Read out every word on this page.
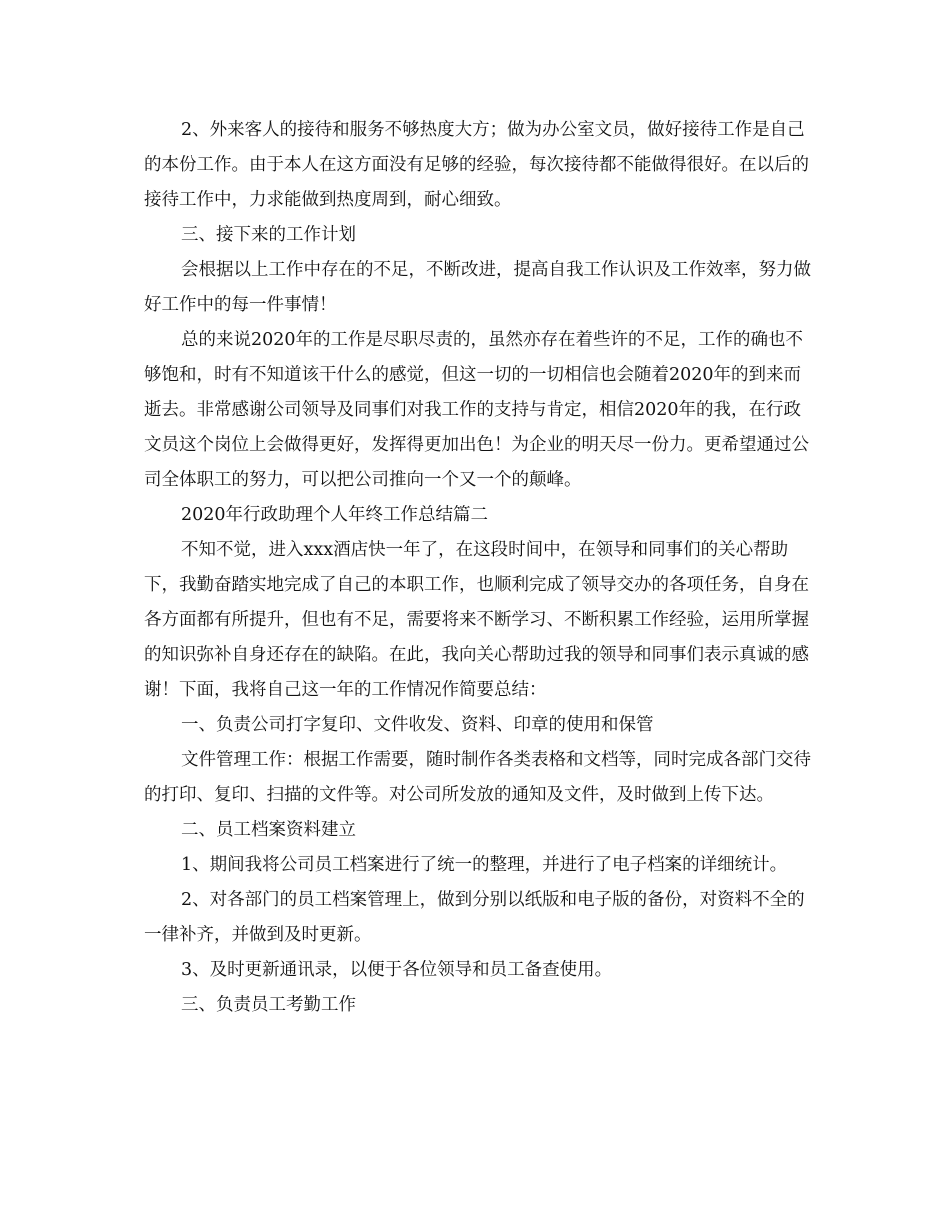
2、外来客人的接待和服务不够热度大方；做为办公室文员，做好接待工作是自己的本份工作。由于本人在这方面没有足够的经验，每次接待都不能做得很好。在以后的接待工作中，力求能做到热度周到，耐心细致。

三、接下来的工作计划

会根据以上工作中存在的不足，不断改进，提高自我工作认识及工作效率，努力做好工作中的每一件事情！

总的来说2020年的工作是尽职尽责的，虽然亦存在着些许的不足，工作的确也不够饱和，时有不知道该干什么的感觉，但这一切的一切相信也会随着2020年的到来而逝去。非常感谢公司领导及同事们对我工作的支持与肯定，相信2020年的我，在行政文员这个岗位上会做得更好，发挥得更加出色！为企业的明天尽一份力。更希望通过公司全体职工的努力，可以把公司推向一个又一个的颠峰。

2020年行政助理个人年终工作总结篇二

不知不觉，进入xxx酒店快一年了，在这段时间中，在领导和同事们的关心帮助下，我勤奋踏实地完成了自己的本职工作，也顺利完成了领导交办的各项任务，自身在各方面都有所提升，但也有不足，需要将来不断学习、不断积累工作经验，运用所掌握的知识弥补自身还存在的缺陷。在此，我向关心帮助过我的领导和同事们表示真诚的感谢！下面，我将自己这一年的工作情况作简要总结：

一、负责公司打字复印、文件收发、资料、印章的使用和保管

文件管理工作：根据工作需要，随时制作各类表格和文档等，同时完成各部门交待的打印、复印、扫描的文件等。对公司所发放的通知及文件，及时做到上传下达。

二、员工档案资料建立

1、期间我将公司员工档案进行了统一的整理，并进行了电子档案的详细统计。

2、对各部门的员工档案管理上，做到分别以纸版和电子版的备份，对资料不全的一律补齐，并做到及时更新。

3、及时更新通讯录，以便于各位领导和员工备查使用。

三、负责员工考勤工作
